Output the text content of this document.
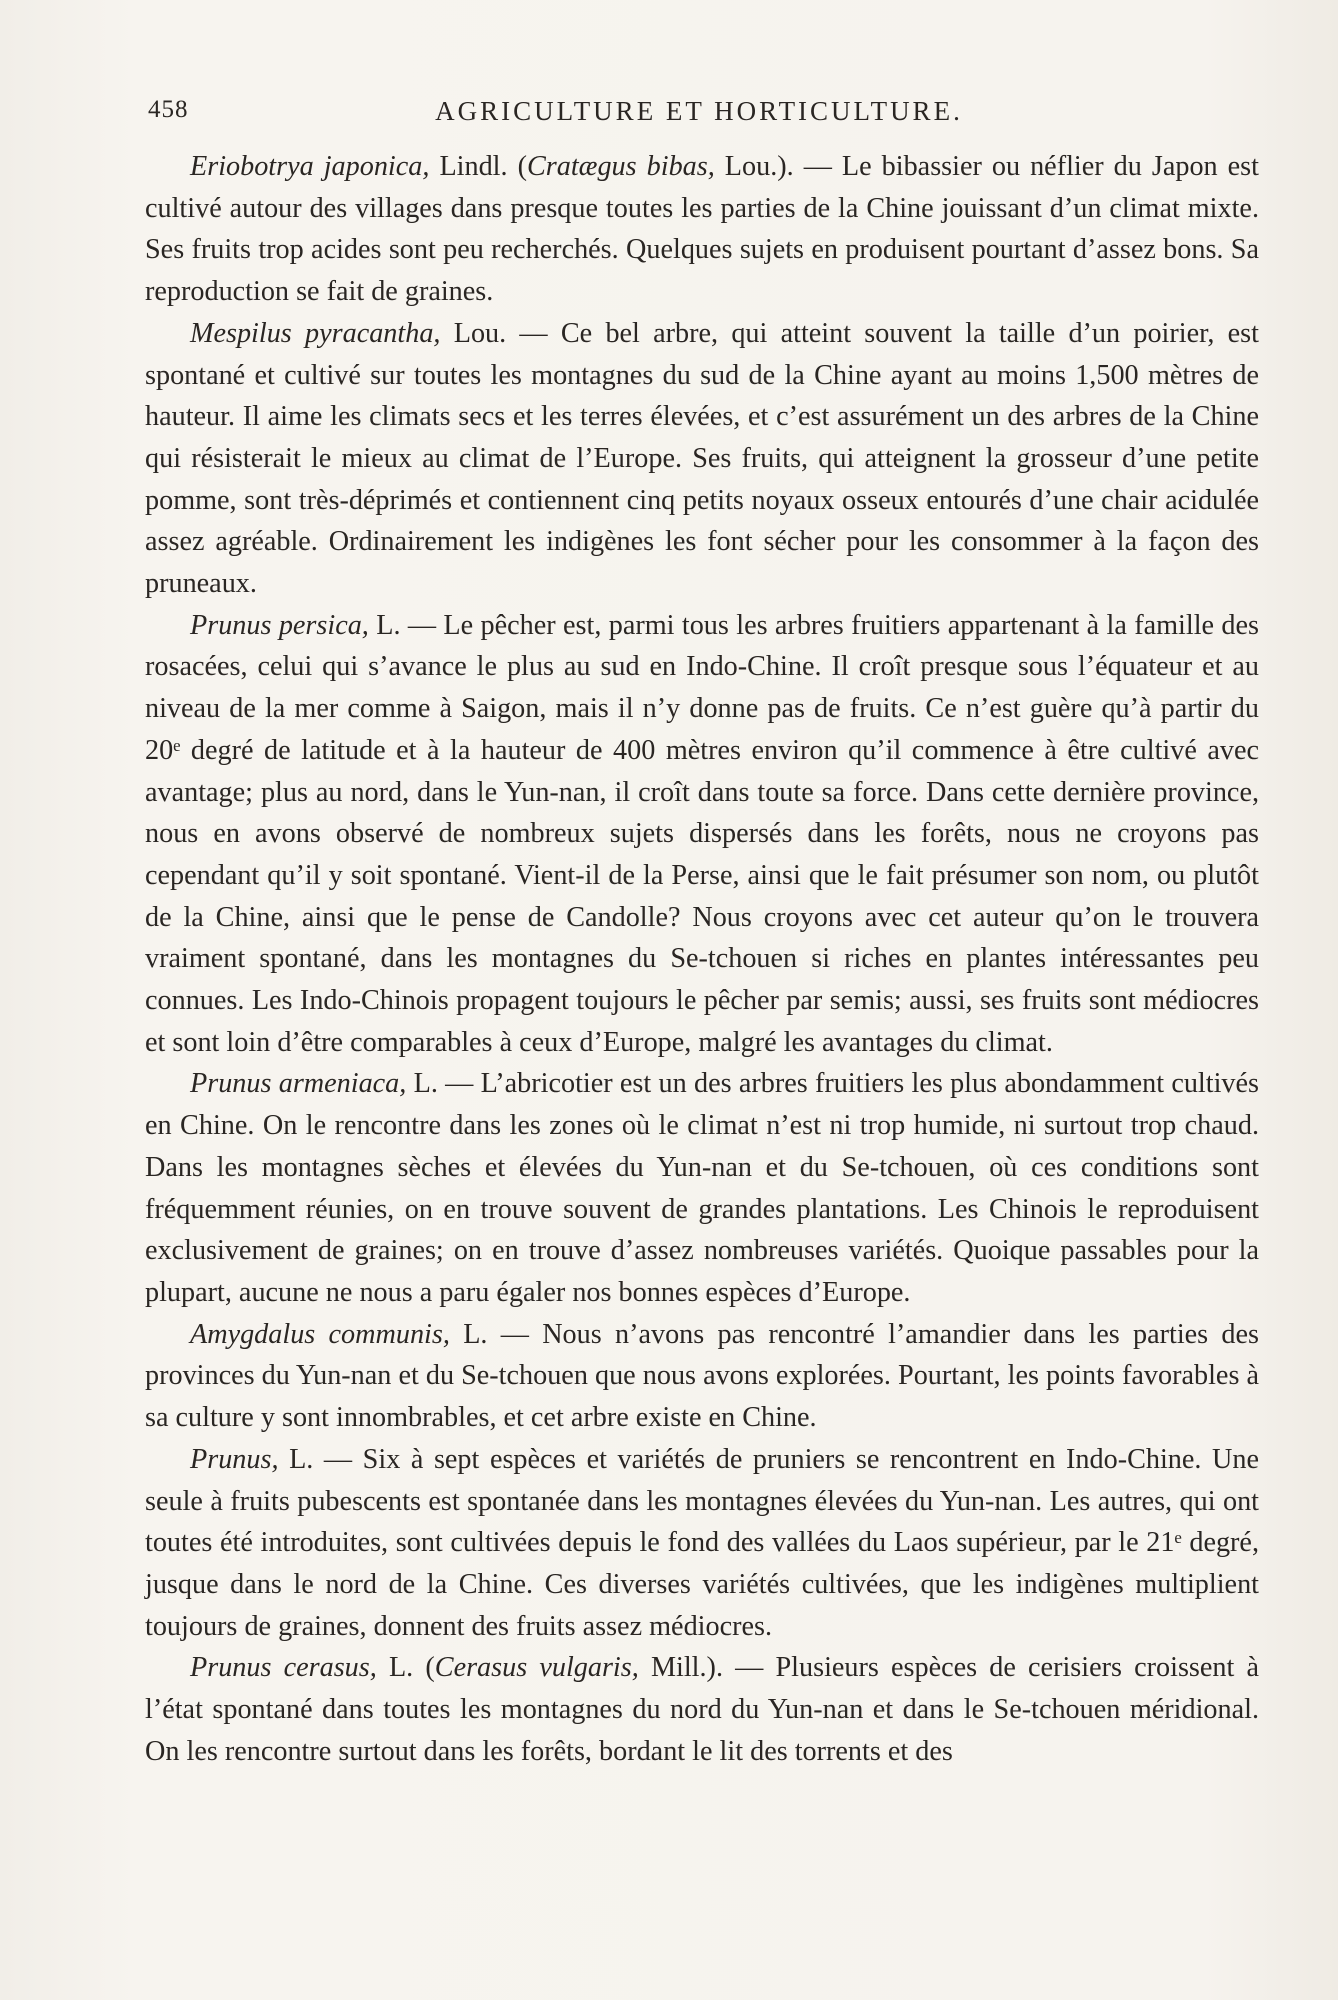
458	AGRICULTURE ET HORTICULTURE.

Eriobotrya japonica, Lindl. (Cratægus bibas, Lou.). — Le bibassier ou néflier du Japon est cultivé autour des villages dans presque toutes les parties de la Chine jouissant d’un climat mixte. Ses fruits trop acides sont peu recherchés. Quelques sujets en produisent pourtant d’assez bons. Sa reproduction se fait de graines.

Mespilus pyracantha, Lou. — Ce bel arbre, qui atteint souvent la taille d’un poirier, est spontané et cultivé sur toutes les montagnes du sud de la Chine ayant au moins 1,500 mètres de hauteur. Il aime les climats secs et les terres élevées, et c’est assurément un des arbres de la Chine qui résisterait le mieux au climat de l’Europe. Ses fruits, qui atteignent la grosseur d’une petite pomme, sont très-déprimés et contiennent cinq petits noyaux osseux entourés d’une chair acidulée assez agréable. Ordinairement les indigènes les font sécher pour les consommer à la façon des pruneaux.

Prunus persica, L. — Le pêcher est, parmi tous les arbres fruitiers appartenant à la famille des rosacées, celui qui s’avance le plus au sud en Indo-Chine. Il croît presque sous l’équateur et au niveau de la mer comme à Saigon, mais il n’y donne pas de fruits. Ce n’est guère qu’à partir du 20ᵉ degré de latitude et à la hauteur de 400 mètres environ qu’il commence à être cultivé avec avantage; plus au nord, dans le Yun-nan, il croît dans toute sa force. Dans cette dernière province, nous en avons observé de nombreux sujets dispersés dans les forêts, nous ne croyons pas cependant qu’il y soit spontané. Vient-il de la Perse, ainsi que le fait présumer son nom, ou plutôt de la Chine, ainsi que le pense de Candolle? Nous croyons avec cet auteur qu’on le trouvera vraiment spontané, dans les montagnes du Se-tchouen si riches en plantes intéressantes peu connues. Les Indo-Chinois propagent toujours le pêcher par semis; aussi, ses fruits sont médiocres et sont loin d’être comparables à ceux d’Europe, malgré les avantages du climat.

Prunus armeniaca, L. — L’abricotier est un des arbres fruitiers les plus abondamment cultivés en Chine. On le rencontre dans les zones où le climat n’est ni trop humide, ni surtout trop chaud. Dans les montagnes sèches et élevées du Yun-nan et du Se-tchouen, où ces conditions sont fréquemment réunies, on en trouve souvent de grandes plantations. Les Chinois le reproduisent exclusivement de graines; on en trouve d’assez nombreuses variétés. Quoique passables pour la plupart, aucune ne nous a paru égaler nos bonnes espèces d’Europe.

Amygdalus communis, L. — Nous n’avons pas rencontré l’amandier dans les parties des provinces du Yun-nan et du Se-tchouen que nous avons explorées. Pourtant, les points favorables à sa culture y sont innombrables, et cet arbre existe en Chine.

Prunus, L. — Six à sept espèces et variétés de pruniers se rencontrent en Indo-Chine. Une seule à fruits pubescents est spontanée dans les montagnes élevées du Yun-nan. Les autres, qui ont toutes été introduites, sont cultivées depuis le fond des vallées du Laos supérieur, par le 21ᵉ degré, jusque dans le nord de la Chine. Ces diverses variétés cultivées, que les indigènes multiplient toujours de graines, donnent des fruits assez médiocres.

Prunus cerasus, L. (Cerasus vulgaris, Mill.). — Plusieurs espèces de cerisiers croissent à l’état spontané dans toutes les montagnes du nord du Yun-nan et dans le Se-tchouen méridional. On les rencontre surtout dans les forêts, bordant le lit des torrents et des
